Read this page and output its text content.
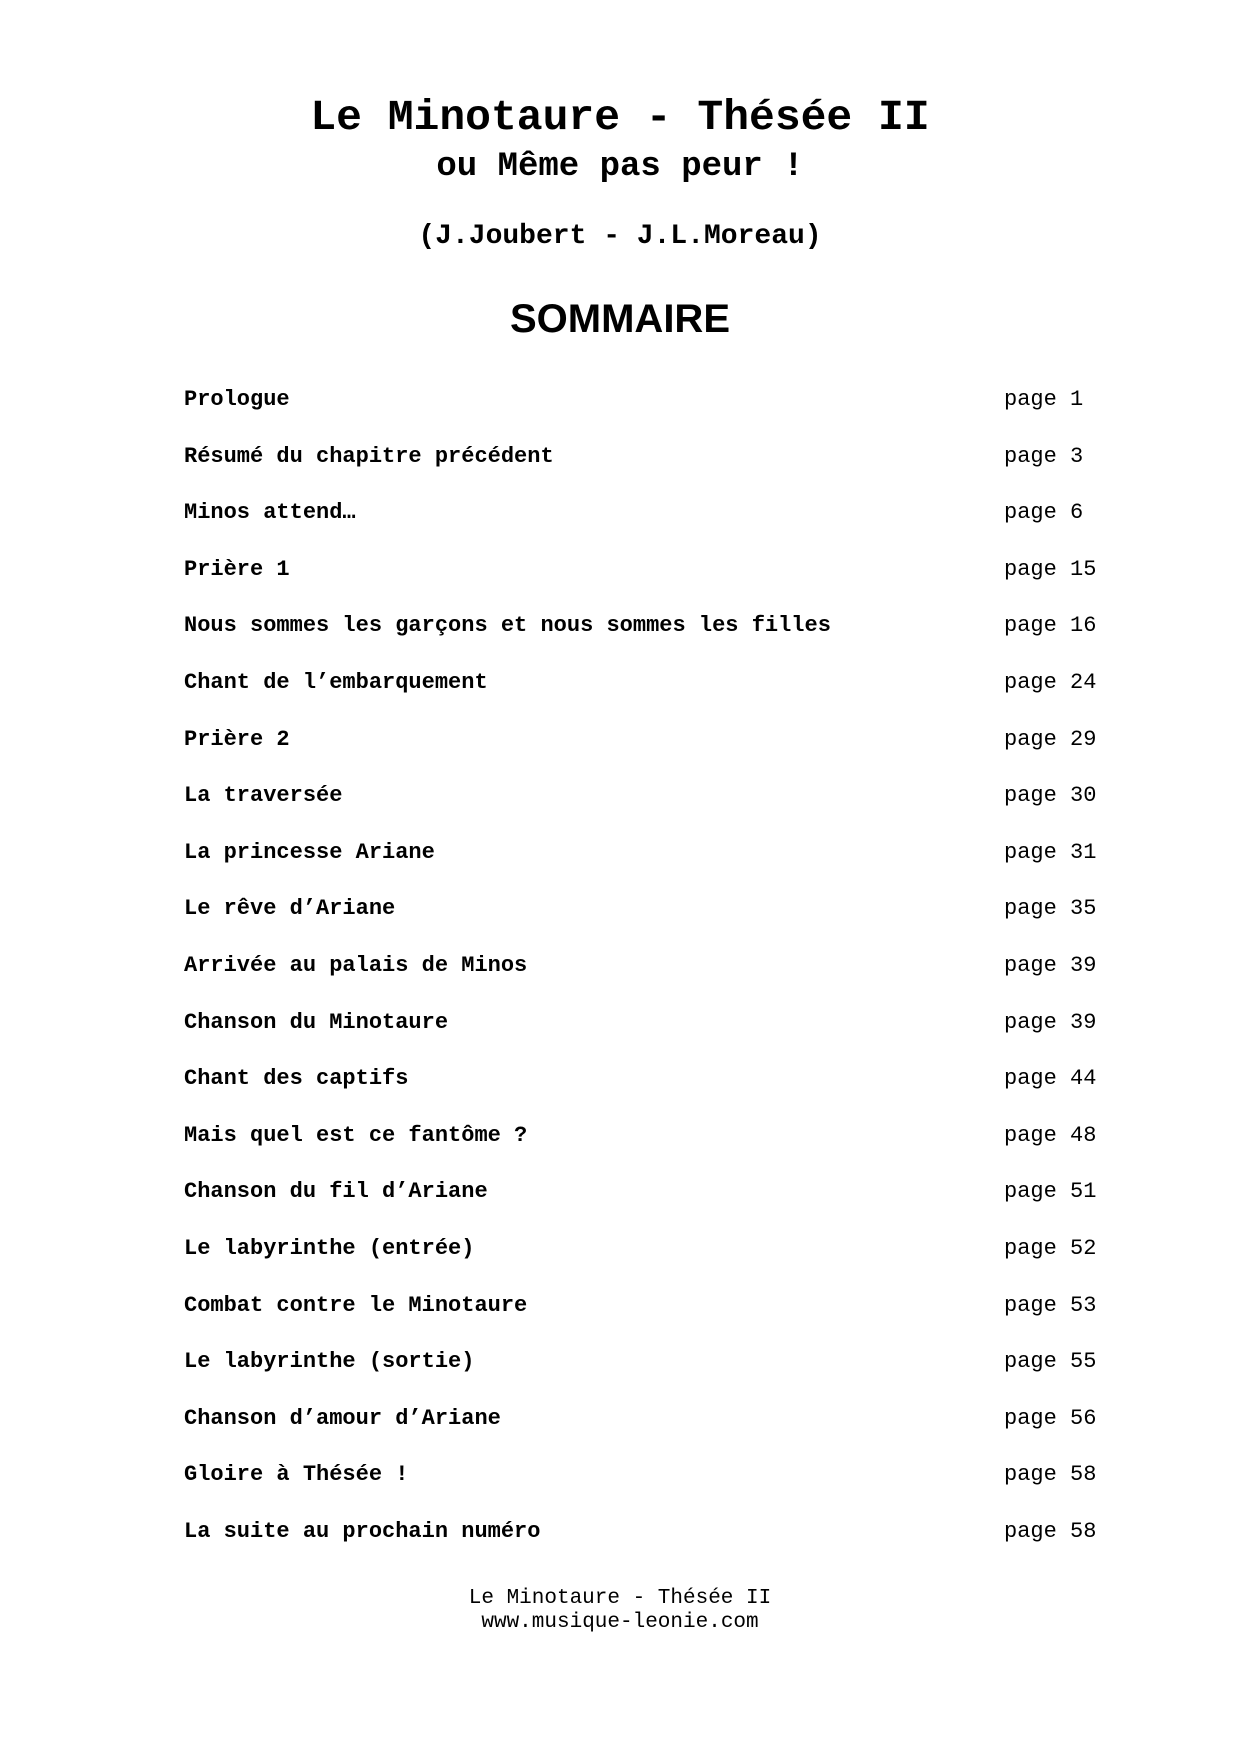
Le Minotaure - Thésée II
ou Même pas peur !
(J.Joubert - J.L.Moreau)
SOMMAIRE
Prologue	page 1
Résumé du chapitre précédent	page 3
Minos attend…	page 6
Prière 1	page 15
Nous sommes les garçons et nous sommes les filles	page 16
Chant de l’embarquement	page 24
Prière 2	page 29
La traversée	page 30
La princesse Ariane	page 31
Le rêve d’Ariane	page 35
Arrivée au palais de Minos	page 39
Chanson du Minotaure	page 39
Chant des captifs	page 44
Mais quel est ce fantôme ?	page 48
Chanson du fil d’Ariane	page 51
Le labyrinthe (entrée)	page 52
Combat contre le Minotaure	page 53
Le labyrinthe (sortie)	page 55
Chanson d’amour d’Ariane	page 56
Gloire à Thésée !	page 58
La suite au prochain numéro	page 58
Le Minotaure - Thésée II
www.musique-leonie.com
